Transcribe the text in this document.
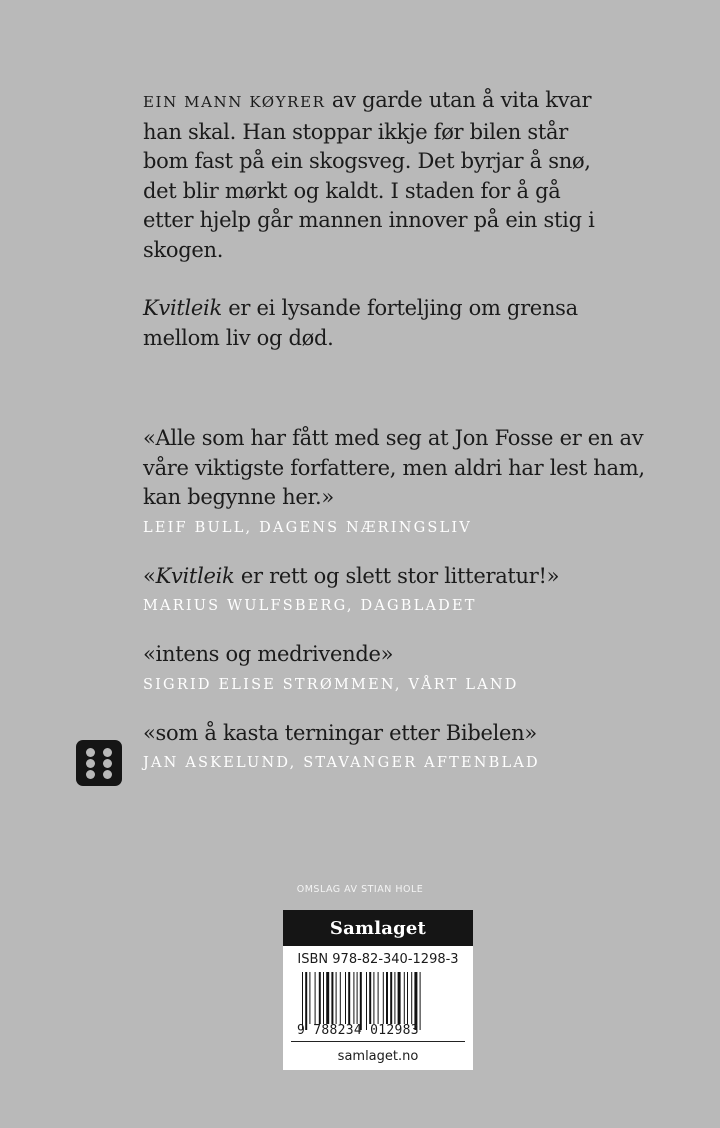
EIN MANN KØYRER av garde utan å vita kvar han skal. Han stoppar ikkje før bilen står bom fast på ein skogsveg. Det byrjar å snø, det blir mørkt og kaldt. I staden for å gå etter hjelp går mannen innover på ein stig i skogen.

Kvitleik er ei lysande forteljing om grensa mellom liv og død.

«Alle som har fått med seg at Jon Fosse er en av våre viktigste forfattere, men aldri har lest ham, kan begynne her.»

LEIF BULL, DAGENS NÆRINGSLIV

«Kvitleik er rett og slett stor litteratur!»

MARIUS WULFSBERG, DAGBLADET

«intens og medrivende»

SIGRID ELISE STRØMMEN, VÅRT LAND

«som å kasta terningar etter Bibelen»

JAN ASKELUND, STAVANGER AFTENBLAD
OMSLAG AV STIAN HOLE
Samlaget
ISBN 978-82-340-1298-3
9 788234 012983
samlaget.no
